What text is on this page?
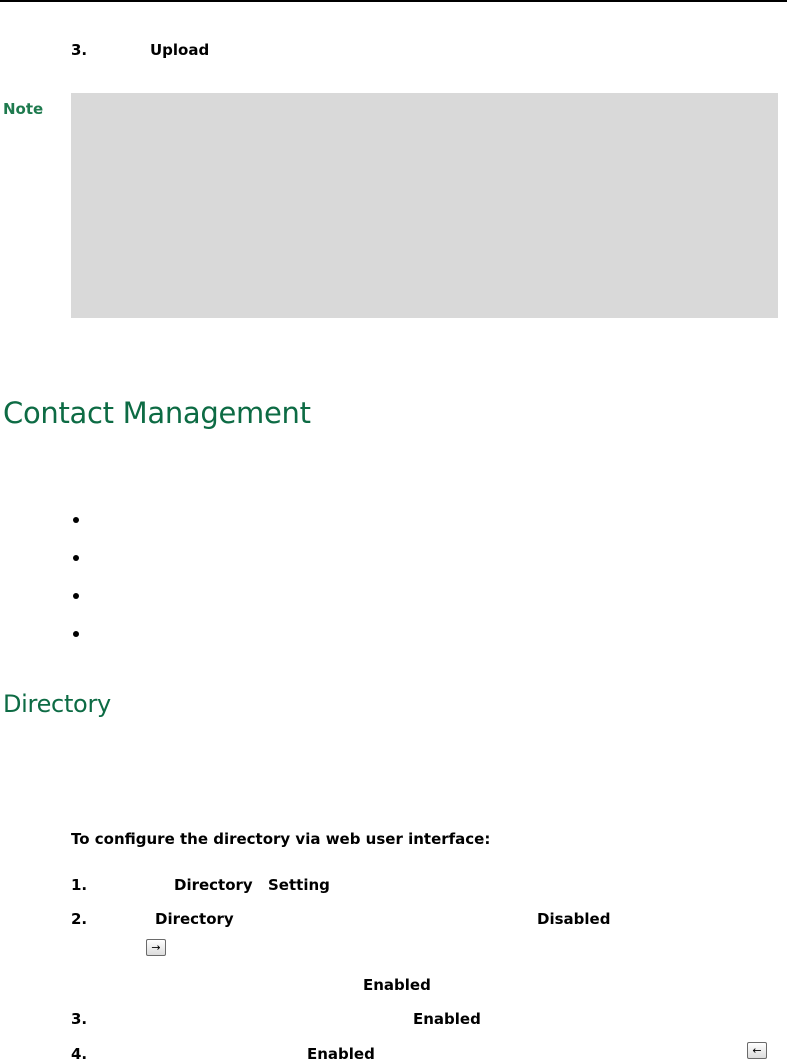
3.	Upload
Note
Contact Management
Directory
To configure the directory via web user interface:
1.	Directory Setting
2.	Directory	Disabled
→
Enabled
3.	Enabled
4.	Enabled	←
